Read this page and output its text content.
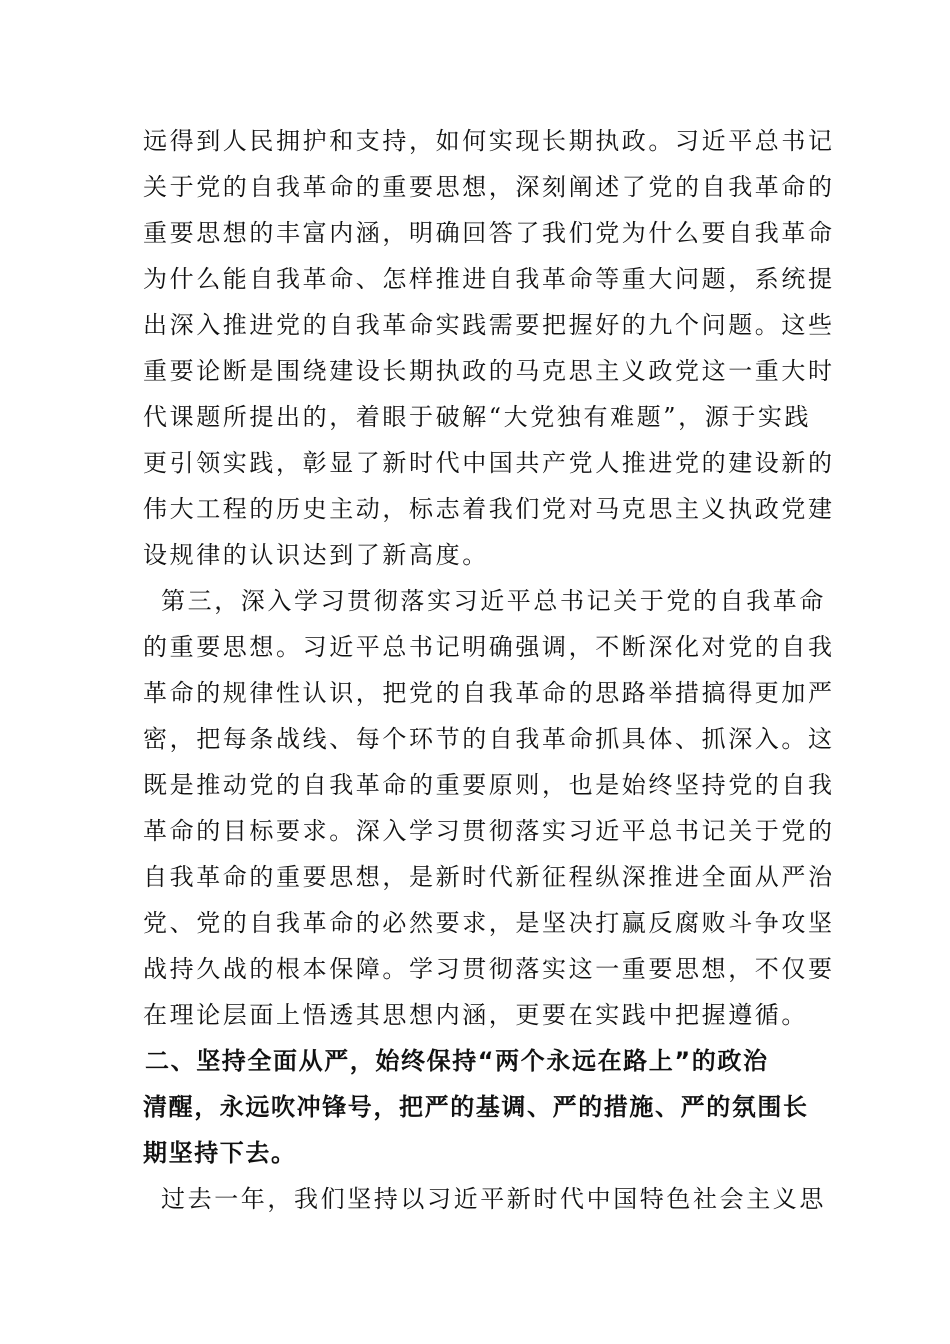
远得到人民拥护和支持，如何实现长期执政。习近平总书记
关于党的自我革命的重要思想，深刻阐述了党的自我革命的
重要思想的丰富内涵，明确回答了我们党为什么要自我革命
为什么能自我革命、怎样推进自我革命等重大问题，系统提
出深入推进党的自我革命实践需要把握好的九个问题。这些
重要论断是围绕建设长期执政的马克思主义政党这一重大时
代课题所提出的，着眼于破解“大党独有难题”，源于实践
更引领实践，彰显了新时代中国共产党人推进党的建设新的
伟大工程的历史主动，标志着我们党对马克思主义执政党建
设规律的认识达到了新高度。
第三，深入学习贯彻落实习近平总书记关于党的自我革命
的重要思想。习近平总书记明确强调，不断深化对党的自我
革命的规律性认识，把党的自我革命的思路举措搞得更加严
密，把每条战线、每个环节的自我革命抓具体、抓深入。这
既是推动党的自我革命的重要原则，也是始终坚持党的自我
革命的目标要求。深入学习贯彻落实习近平总书记关于党的
自我革命的重要思想，是新时代新征程纵深推进全面从严治
党、党的自我革命的必然要求，是坚决打赢反腐败斗争攻坚
战持久战的根本保障。学习贯彻落实这一重要思想，不仅要
在理论层面上悟透其思想内涵，更要在实践中把握遵循。
二、坚持全面从严，始终保持“两个永远在路上”的政治
清醒，永远吹冲锋号，把严的基调、严的措施、严的氛围长
期坚持下去。
过去一年，我们坚持以习近平新时代中国特色社会主义思
